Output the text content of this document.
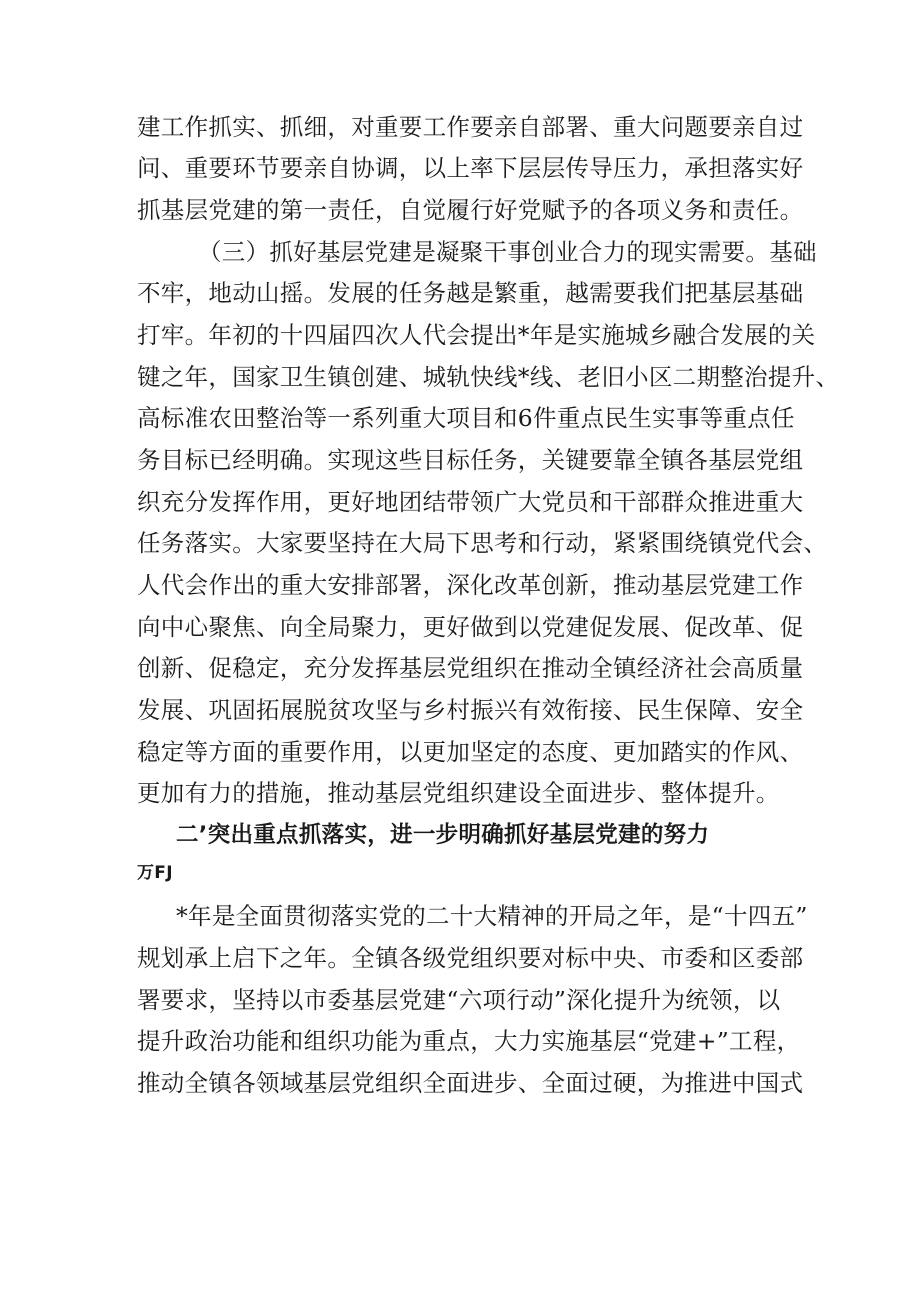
建工作抓实、抓细，对重要工作要亲自部署、重大问题要亲自过
问、重要环节要亲自协调，以上率下层层传导压力，承担落实好
抓基层党建的第一责任，自觉履行好党赋予的各项义务和责任。
（三）抓好基层党建是凝聚干事创业合力的现实需要。基础
不牢，地动山摇。发展的任务越是繁重，越需要我们把基层基础
打牢。年初的十四届四次人代会提出*年是实施城乡融合发展的关
键之年，国家卫生镇创建、城轨快线*线、老旧小区二期整治提升、
高标准农田整治等一系列重大项目和6件重点民生实事等重点任
务目标已经明确。实现这些目标任务，关键要靠全镇各基层党组
织充分发挥作用，更好地团结带领广大党员和干部群众推进重大
任务落实。大家要坚持在大局下思考和行动，紧紧围绕镇党代会、
人代会作出的重大安排部署，深化改革创新，推动基层党建工作
向中心聚焦、向全局聚力，更好做到以党建促发展、促改革、促
创新、促稳定，充分发挥基层党组织在推动全镇经济社会高质量
发展、巩固拓展脱贫攻坚与乡村振兴有效衔接、民生保障、安全
稳定等方面的重要作用，以更加坚定的态度、更加踏实的作风、
更加有力的措施，推动基层党组织建设全面进步、整体提升。
二’突出重点抓落实，进一步明确抓好基层党建的努力
万FJ
*年是全面贯彻落实党的二十大精神的开局之年，是“十四五”
规划承上启下之年。全镇各级党组织要对标中央、市委和区委部
署要求，坚持以市委基层党建“六项行动”深化提升为统领，以
提升政治功能和组织功能为重点，大力实施基层“党建+”工程，
推动全镇各领域基层党组织全面进步、全面过硬，为推进中国式
